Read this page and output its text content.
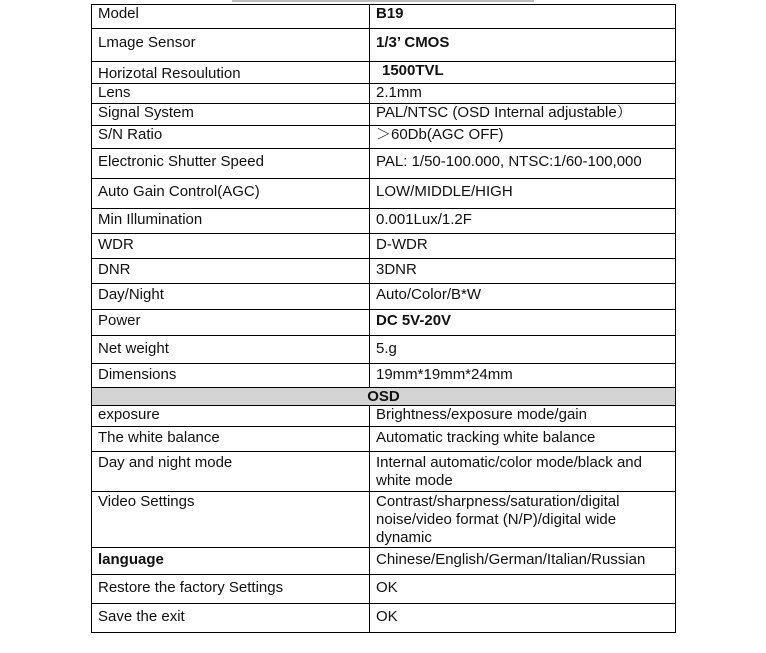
Model	B19
Lmage Sensor	1/3’ CMOS
Horizotal Resoulution	1500TVL
Lens	2.1mm
Signal System	PAL/NTSC (OSD Internal adjustable）
S/N Ratio	＞60Db(AGC OFF)
Electronic Shutter Speed	PAL: 1/50-100.000, NTSC:1/60-100,000
Auto Gain Control(AGC)	LOW/MIDDLE/HIGH
Min Illumination	0.001Lux/1.2F
WDR	D-WDR
DNR	3DNR
Day/Night	Auto/Color/B*W
Power	DC 5V-20V
Net weight	5.g
Dimensions	19mm*19mm*24mm
OSD	
exposure	Brightness/exposure mode/gain
The white balance	Automatic tracking white balance
Day and night mode	Internal automatic/color mode/black and white mode
Video Settings	Contrast/sharpness/saturation/digital noise/video format (N/P)/digital wide dynamic
language	Chinese/English/German/Italian/Russian
Restore the factory Settings	OK
Save the exit	OK
